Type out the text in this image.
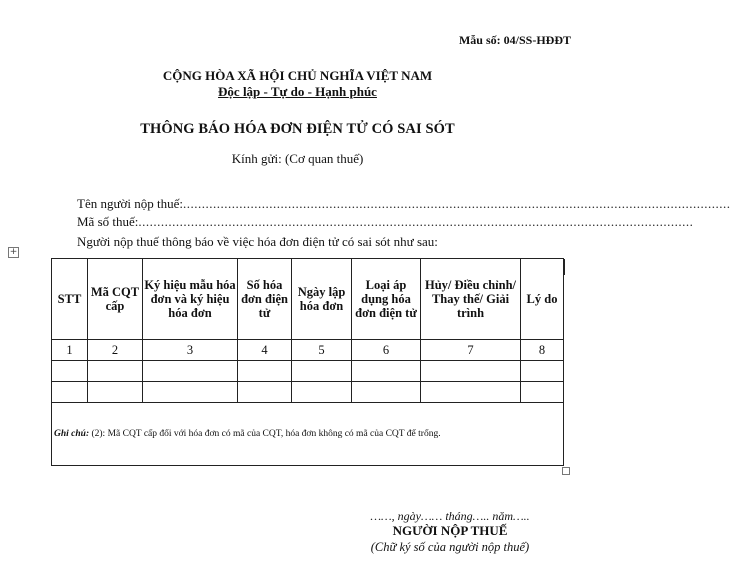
Mẫu số: 04/SS-HĐĐT
CỘNG HÒA XÃ HỘI CHỦ NGHĨA VIỆT NAM
Độc lập - Tự do - Hạnh phúc
THÔNG BÁO HÓA ĐƠN ĐIỆN TỬ CÓ SAI SÓT
Kính gửi: (Cơ quan thuế)
Tên người nộp thuế:..................................................................................................................................................
Mã số thuế:....................................................................................................................................................
Người nộp thuế thông báo về việc hóa đơn điện tử có sai sót như sau:
+
STT	Mã CQT cấp	Ký hiệu mẫu hóa đơn và ký hiệu hóa đơn	Số hóa đơn điện tử	Ngày lập hóa đơn	Loại áp dụng hóa đơn điện tử	Hủy/ Điều chỉnh/ Thay thế/ Giải trình	Lý do
1	2	3	4	5	6	7	8

Ghi chú: (2): Mã CQT cấp đối với hóa đơn có mã của CQT, hóa đơn không có mã của CQT để trống.							
……, ngày…… tháng….. năm…..
NGƯỜI NỘP THUẾ
(Chữ ký số của người nộp thuế)
